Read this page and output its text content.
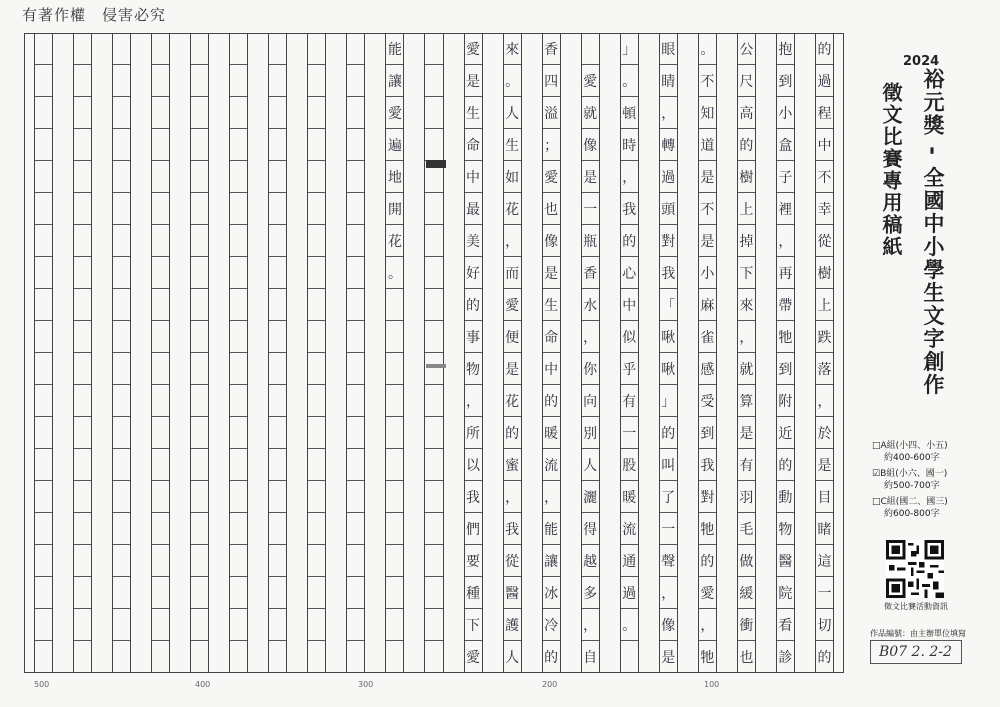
有著作權　侵害必究
的
過
程
中
不
幸
從
樹
上
跌
落
，
於
是
目
睹
這
一
切
的
抱
到
小
盒
子
裡
，
再
帶
牠
到
附
近
的
動
物
醫
院
看
診
公
尺
高
的
樹
上
掉
下
來
，
就
算
是
有
羽
毛
做
緩
衝
也
。
不
知
道
是
不
是
小
麻
雀
感
受
到
我
對
牠
的
愛
，
牠
眼
睛
，
轉
過
頭
對
我
「
啾
啾
」
的
叫
了
一
聲
，
像
是
」
。
頓
時
，
我
的
心
中
似
乎
有
一
股
暖
流
通
過
。

愛
就
像
是
一
瓶
香
水
，
你
向
別
人
灑
得
越
多
，
自
香
四
溢
；
愛
也
像
是
生
命
中
的
暖
流
，
能
讓
冰
冷
的
來
。
人
生
如
花
，
而
愛
便
是
花
的
蜜
，
我
從
醫
護
人
愛
是
生
命
中
最
美
好
的
事
物
，
所
以
我
們
要
種
下
愛
能
讓
愛
遍
地
開
花
。
500	400	300	200	100
2024
裕元獎 - 全國中小學生文字創作
徵文比賽專用稿紙
□A組(小四、小五)
約400-600字
☑B組(小六、國一)
約500-700字
□C組(國二、國三)
約600-800字
徵文比賽活動資訊
作品編號：由主辦單位填寫
B07 2. 2-2
